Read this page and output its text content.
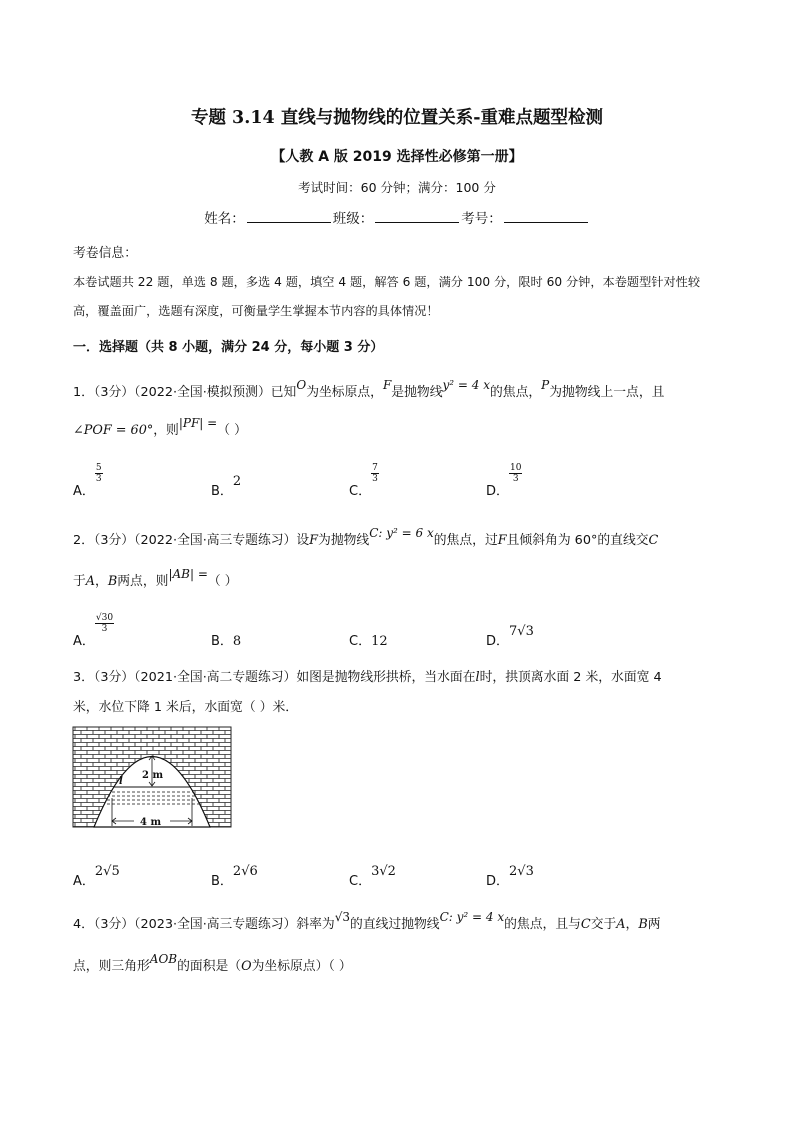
专题 3.14 直线与抛物线的位置关系-重难点题型检测
【人教 A 版 2019 选择性必修第一册】
考试时间：60 分钟；满分：100 分
姓名：	班级：	考号：
考卷信息：
本卷试题共 22 题，单选 8 题，多选 4 题，填空 4 题，解答 6 题，满分 100 分，限时 60 分钟，本卷题型针对性较
高，覆盖面广，选题有深度，可衡量学生掌握本节内容的具体情况！
一．选择题（共 8 小题，满分 24 分，每小题 3 分）
1．（3分）（2022·全国·模拟预测）已知O为坐标原点，F是抛物线y² = 4 x的焦点，P为抛物线上一点，且
∠POF = 60°，则|PF| =（ ）
A．
$\frac{5}{3}$
B．2
C．
$\frac{7}{3}$
D．
$\frac{10}{3}$
2．（3分）（2022·全国·高三专题练习）设F为抛物线C: y² = 6 x的焦点，过F且倾斜角为 60°的直线交C
于A，B两点，则|AB| =（ ）
A．
$\frac{√30}{3}$
B．8	C．12	D．7√3
3．（3分）（2021·全国·高二专题练习）如图是抛物线形拱桥，当水面在l时，拱顶离水面 2 米，水面宽 4
米，水位下降 1 米后，水面宽（ ）米．
2 m
l
4 m
A．2√5
B．2√6
C．3√2
D．2√3
4．（3分）（2023·全国·高三专题练习）斜率为√3的直线过抛物线C: y² = 4 x的焦点，且与C交于A，B两
点，则三角形AOB的面积是（O为坐标原点）（ ）
